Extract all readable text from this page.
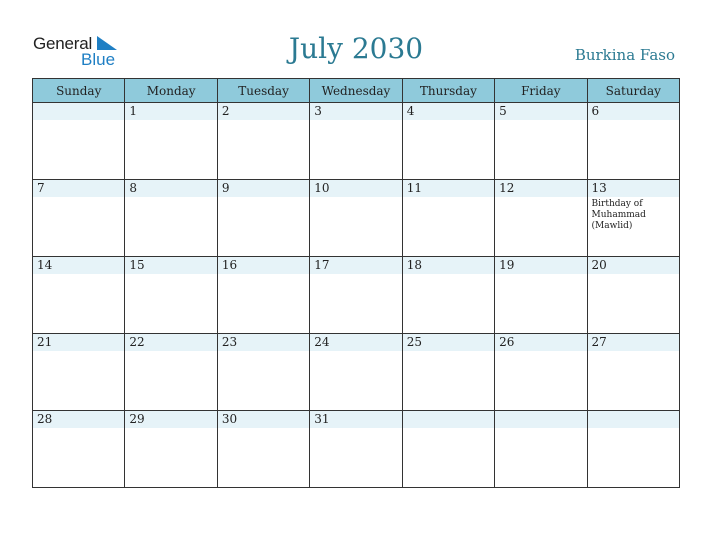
General
Blue	July 2030	Burkina Faso
Sunday	Monday	Tuesday	Wednesday	Thursday	Friday	Saturday

	1	2	3	4	5	6

7	8	9	10	11	12	13
Birthday of Muhammad (Mawlid)

14	15	16	17	18	19	20

21	22	23	24	25	26	27

28	29	30	31			
